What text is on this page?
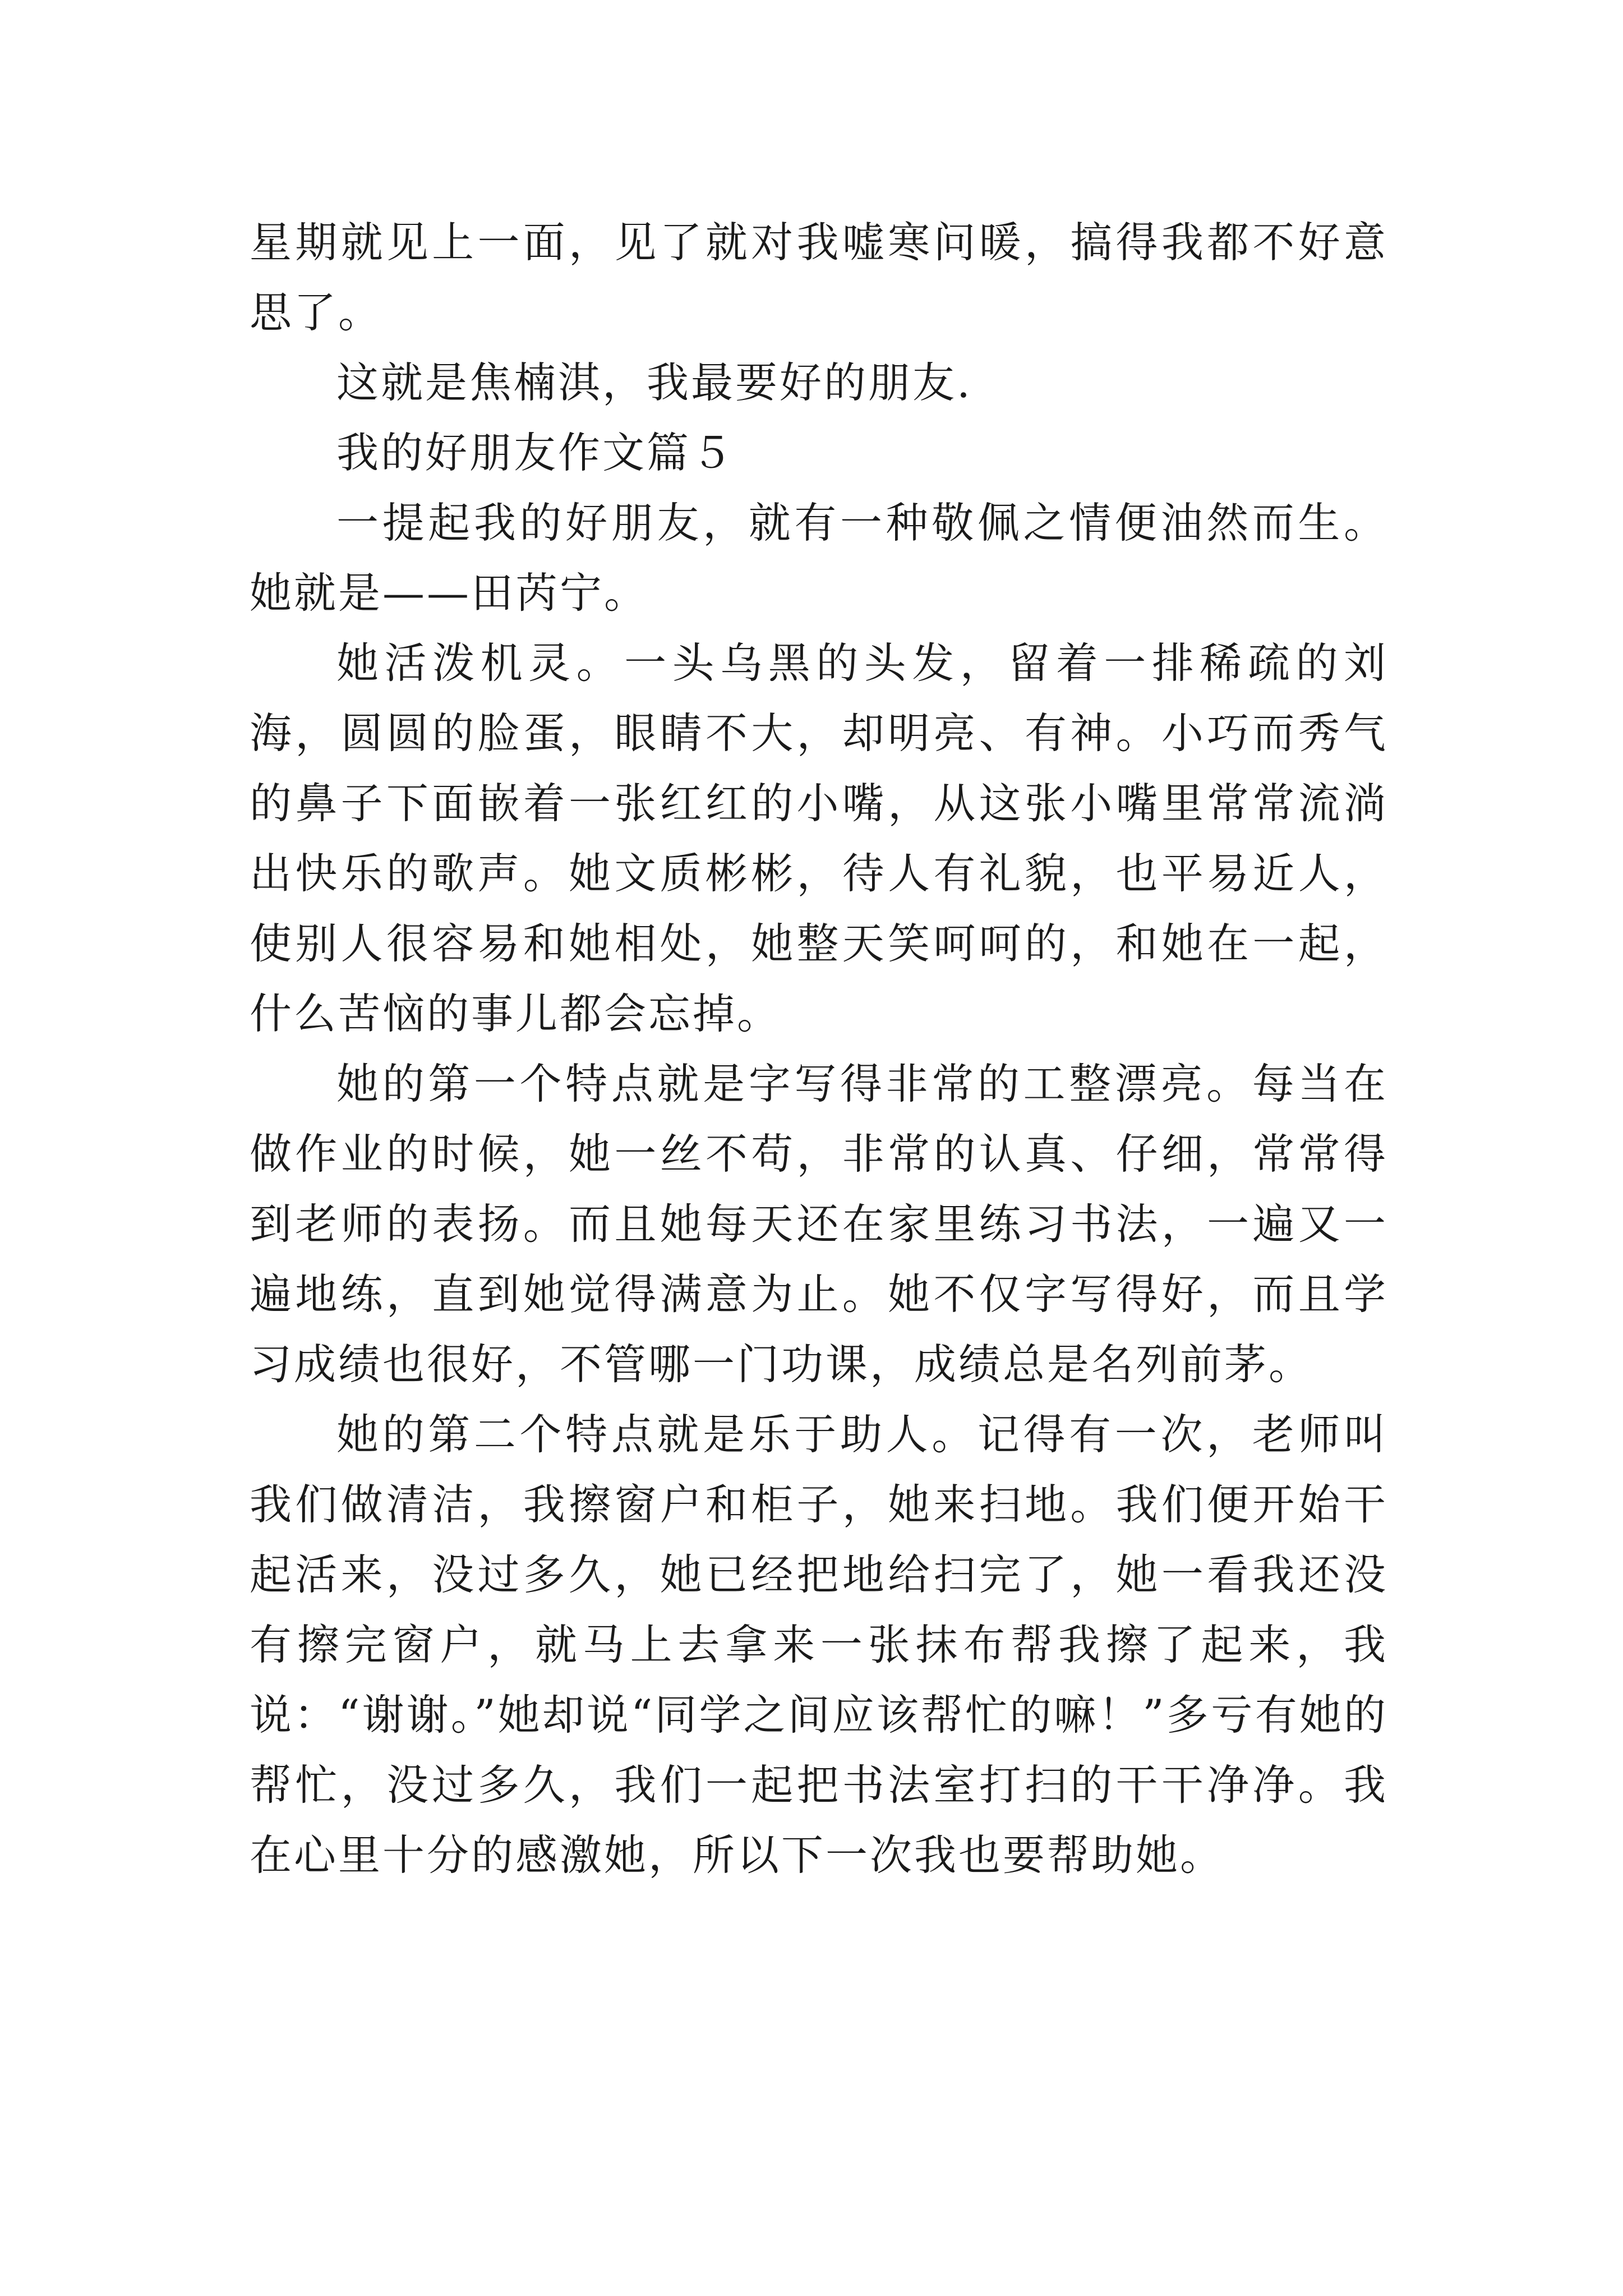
星期就见上一面，见了就对我嘘寒问暖，搞得我都不好意思了。

这就是焦楠淇，我最要好的朋友.

我的好朋友作文篇５

一提起我的好朋友，就有一种敬佩之情便油然而生。她就是——田芮宁。

她活泼机灵。一头乌黑的头发，留着一排稀疏的刘海，圆圆的脸蛋，眼睛不大，却明亮、有神。小巧而秀气的鼻子下面嵌着一张红红的小嘴，从这张小嘴里常常流淌出快乐的歌声。她文质彬彬，待人有礼貌，也平易近人，使别人很容易和她相处，她整天笑呵呵的，和她在一起，什么苦恼的事儿都会忘掉。

她的第一个特点就是字写得非常的工整漂亮。每当在做作业的时候，她一丝不苟，非常的认真、仔细，常常得到老师的表扬。而且她每天还在家里练习书法，一遍又一遍地练，直到她觉得满意为止。她不仅字写得好，而且学习成绩也很好，不管哪一门功课，成绩总是名列前茅。

她的第二个特点就是乐于助人。记得有一次，老师叫我们做清洁，我擦窗户和柜子，她来扫地。我们便开始干起活来，没过多久，她已经把地给扫完了，她一看我还没有擦完窗户，就马上去拿来一张抹布帮我擦了起来，我说：“谢谢。”她却说“同学之间应该帮忙的嘛！”多亏有她的帮忙，没过多久，我们一起把书法室打扫的干干净净。我在心里十分的感激她，所以下一次我也要帮助她。
